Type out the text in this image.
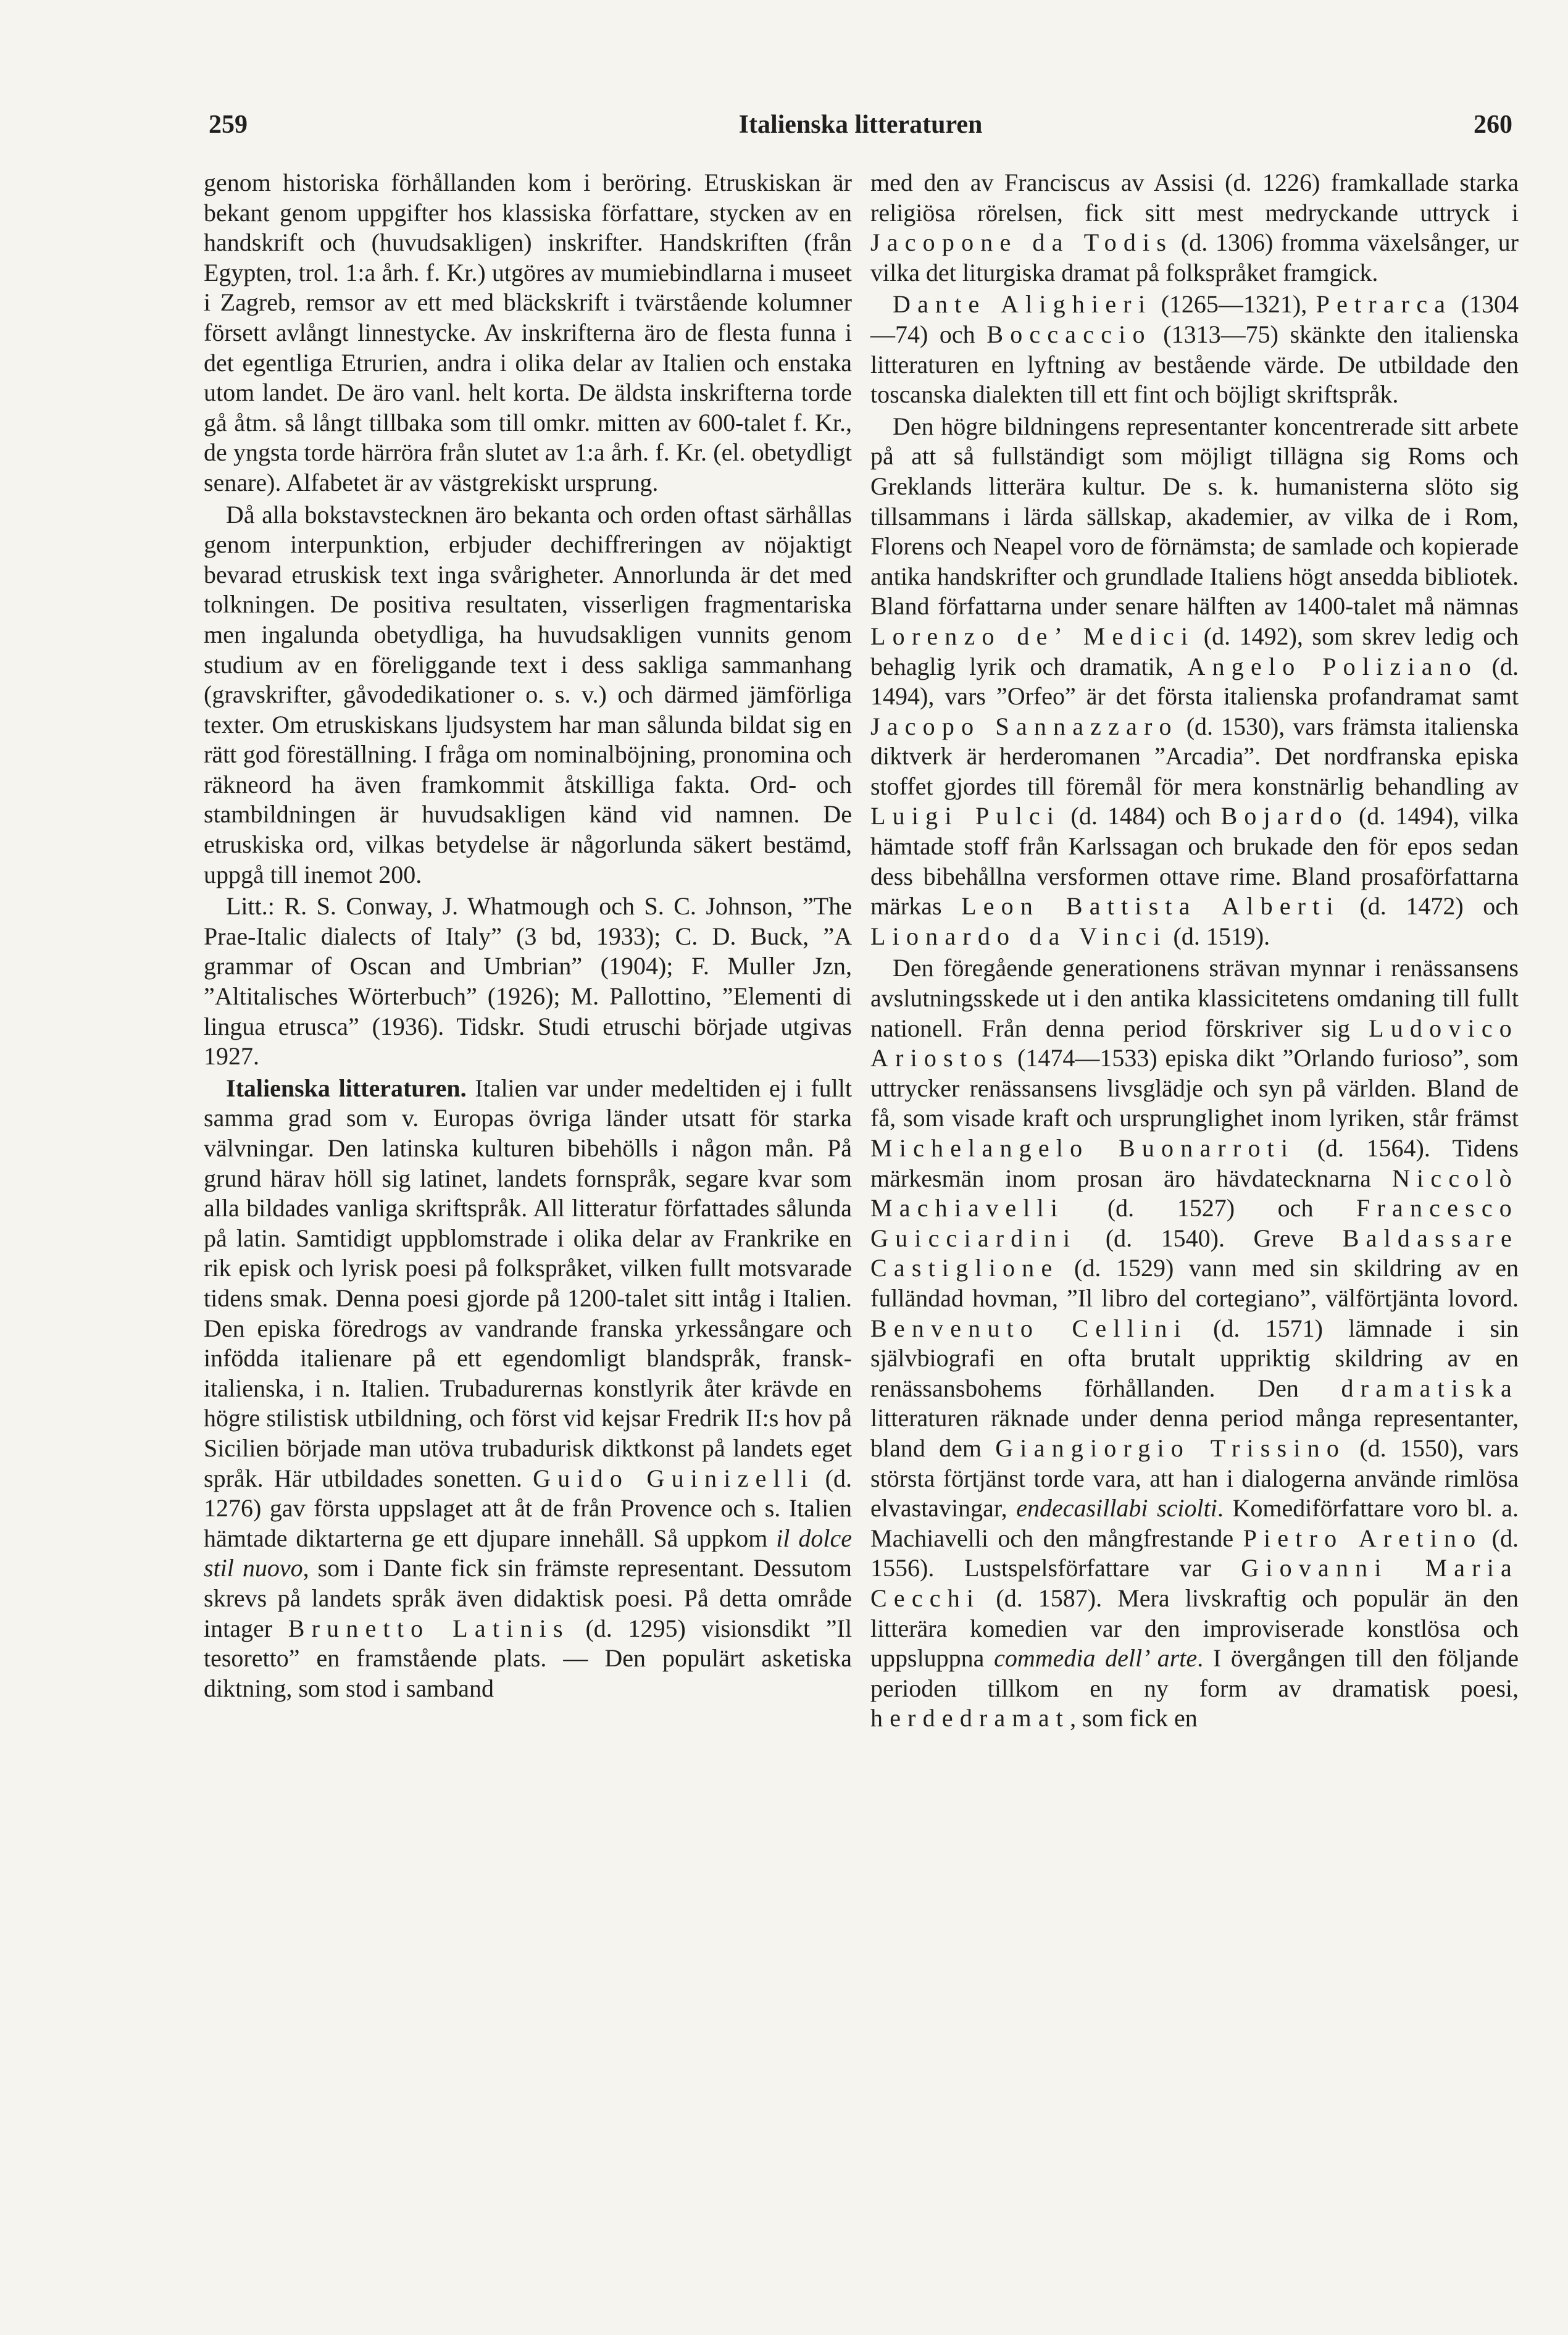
259	Italienska litteraturen	260

genom historiska förhållanden kom i beröring. Etruskiskan är bekant genom uppgifter hos klassiska författare, stycken av en handskrift och (huvudsakligen) inskrifter. Handskriften (från Egypten, trol. 1:a årh. f. Kr.) utgöres av mumiebindlarna i museet i Zagreb, remsor av ett med bläckskrift i tvärstående kolumner försett avlångt linnestycke. Av inskrifterna äro de flesta funna i det egentliga Etrurien, andra i olika delar av Italien och enstaka utom landet. De äro vanl. helt korta. De äldsta inskrifterna torde gå åtm. så långt tillbaka som till omkr. mitten av 600-talet f. Kr., de yngsta torde härröra från slutet av 1:a årh. f. Kr. (el. obetydligt senare). Alfabetet är av västgrekiskt ursprung.

Då alla bokstavstecknen äro bekanta och orden oftast särhållas genom interpunktion, erbjuder dechiffreringen av nöjaktigt bevarad etruskisk text inga svårigheter. Annorlunda är det med tolkningen. De positiva resultaten, visserligen fragmentariska men ingalunda obetydliga, ha huvudsakligen vunnits genom studium av en föreliggande text i dess sakliga sammanhang (gravskrifter, gåvodedikationer o. s. v.) och därmed jämförliga texter. Om etruskiskans ljudsystem har man sålunda bildat sig en rätt god föreställning. I fråga om nominalböjning, pronomina och räkneord ha även framkommit åtskilliga fakta. Ord- och stambildningen är huvudsakligen känd vid namnen. De etruskiska ord, vilkas betydelse är någorlunda säkert bestämd, uppgå till inemot 200.

Litt.: R. S. Conway, J. Whatmough och S. C. Johnson, ”The Prae-Italic dialects of Italy” (3 bd, 1933); C. D. Buck, ”A grammar of Oscan and Umbrian” (1904); F. Muller Jzn, ”Altitalisches Wörterbuch” (1926); M. Pallottino, ”Elementi di lingua etrusca” (1936). Tidskr. Studi etruschi började utgivas 1927.

Italienska litteraturen. Italien var under medeltiden ej i fullt samma grad som v. Europas övriga länder utsatt för starka välvningar. Den latinska kulturen bibehölls i någon mån. På grund härav höll sig latinet, landets fornspråk, segare kvar som alla bildades vanliga skriftspråk. All litteratur författades sålunda på latin. Samtidigt uppblomstrade i olika delar av Frankrike en rik episk och lyrisk poesi på folkspråket, vilken fullt motsvarade tidens smak. Denna poesi gjorde på 1200-talet sitt intåg i Italien. Den episka föredrogs av vandrande franska yrkessångare och infödda italienare på ett egendomligt blandspråk, fransk-italienska, i n. Italien. Trubadurernas konstlyrik åter krävde en högre stilistisk utbildning, och först vid kejsar Fredrik II:s hov på Sicilien började man utöva trubadurisk diktkonst på landets eget språk. Här utbildades sonetten. Guido Guinizelli (d. 1276) gav första uppslaget att åt de från Provence och s. Italien hämtade diktarterna ge ett djupare innehåll. Så uppkom il dolce stil nuovo, som i Dante fick sin främste representant. Dessutom skrevs på landets språk även didaktisk poesi. På detta område intager Brunetto Latinis (d. 1295) visionsdikt ”Il tesoretto” en framstående plats. — Den populärt asketiska diktning, som stod i samband

med den av Franciscus av Assisi (d. 1226) framkallade starka religiösa rörelsen, fick sitt mest medryckande uttryck i Jacopone da Todis (d. 1306) fromma växelsånger, ur vilka det liturgiska dramat på folkspråket framgick.

Dante Alighieri (1265—1321), Petrarca (1304—74) och Boccaccio (1313—75) skänkte den italienska litteraturen en lyftning av bestående värde. De utbildade den toscanska dialekten till ett fint och böjligt skriftspråk.

Den högre bildningens representanter koncentrerade sitt arbete på att så fullständigt som möjligt tillägna sig Roms och Greklands litterära kultur. De s. k. humanisterna slöto sig tillsammans i lärda sällskap, akademier, av vilka de i Rom, Florens och Neapel voro de förnämsta; de samlade och kopierade antika handskrifter och grundlade Italiens högt ansedda bibliotek. Bland författarna under senare hälften av 1400-talet må nämnas Lorenzo de’ Medici (d. 1492), som skrev ledig och behaglig lyrik och dramatik, Angelo Poliziano (d. 1494), vars ”Orfeo” är det första italienska profandramat samt Jacopo Sannazzaro (d. 1530), vars främsta italienska diktverk är herderomanen ”Arcadia”. Det nordfranska episka stoffet gjordes till föremål för mera konstnärlig behandling av Luigi Pulci (d. 1484) och Bojardo (d. 1494), vilka hämtade stoff från Karlssagan och brukade den för epos sedan dess bibehållna versformen ottave rime. Bland prosaförfattarna märkas Leon Battista Alberti (d. 1472) och Lionardo da Vinci (d. 1519).

Den föregående generationens strävan mynnar i renässansens avslutningsskede ut i den antika klassicitetens omdaning till fullt nationell. Från denna period förskriver sig Ludovico Ariostos (1474—1533) episka dikt ”Orlando furioso”, som uttrycker renässansens livsglädje och syn på världen. Bland de få, som visade kraft och ursprunglighet inom lyriken, står främst Michelangelo Buonarroti (d. 1564). Tidens märkesmän inom prosan äro hävdatecknarna Niccolò Machiavelli (d. 1527) och Francesco Guicciardini (d. 1540). Greve Baldassare Castiglione (d. 1529) vann med sin skildring av en fulländad hovman, ”Il libro del cortegiano”, välförtjänta lovord. Benvenuto Cellini (d. 1571) lämnade i sin självbiografi en ofta brutalt uppriktig skildring av en renässansbohems förhållanden. Den dramatiska litteraturen räknade under denna period många representanter, bland dem Giangiorgio Trissino (d. 1550), vars största förtjänst torde vara, att han i dialogerna använde rimlösa elvastavingar, endecasillabi sciolti. Komediförfattare voro bl. a. Machiavelli och den mångfrestande Pietro Aretino (d. 1556). Lustspelsförfattare var Giovanni Maria Cecchi (d. 1587). Mera livskraftig och populär än den litterära komedien var den improviserade konstlösa och uppsluppna commedia dell’ arte. I övergången till den följande perioden tillkom en ny form av dramatisk poesi, herdedramat, som fick en
